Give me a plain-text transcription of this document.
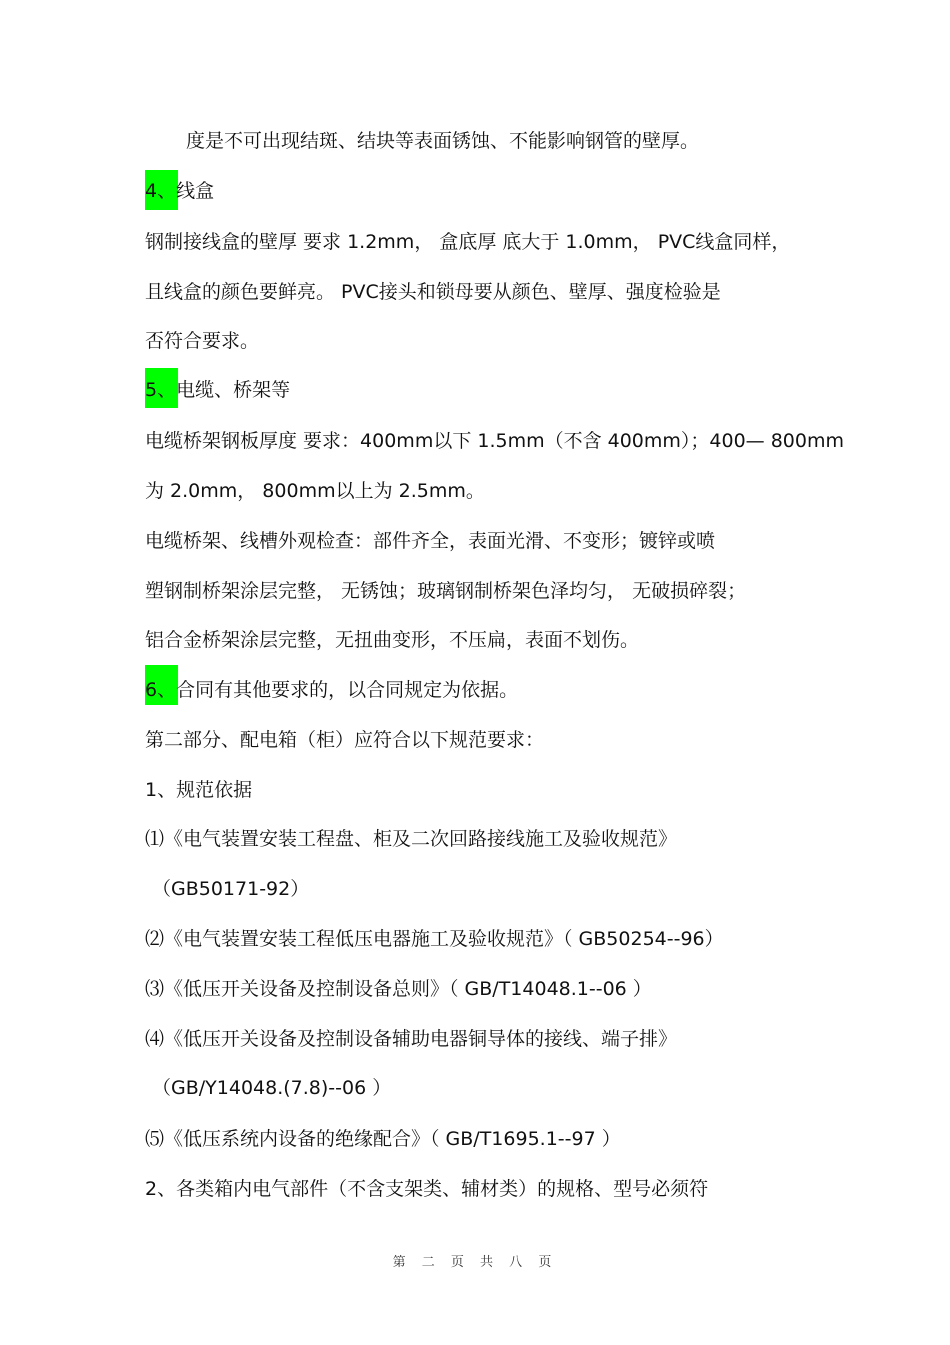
度是不可出现结斑、结块等表面锈蚀、不能影响钢管的壁厚。
4、线盒
钢制接线盒的壁厚 要求 1.2mm， 盒底厚 底大于 1.0mm， PVC线盒同样，
且线盒的颜色要鲜亮。 PVC接头和锁母要从颜色、壁厚、强度检验是
否符合要求。
5、电缆、桥架等
电缆桥架钢板厚度 要求：400mm以下 1.5mm（不含 400mm）；400— 800mm
为 2.0mm， 800mm以上为 2.5mm。
电缆桥架、线槽外观检查：部件齐全，表面光滑、不变形；镀锌或喷
塑钢制桥架涂层完整， 无锈蚀；玻璃钢制桥架色泽均匀， 无破损碎裂；
铝合金桥架涂层完整，无扭曲变形，不压扁，表面不划伤。
6、合同有其他要求的，以合同规定为依据。
第二部分、配电箱（柜）应符合以下规范要求：
1、规范依据
⑴《电气装置安装工程盘、柜及二次回路接线施工及验收规范》
（GB50171-92）
⑵《电气装置安装工程低压电器施工及验收规范》（ GB50254--96）
⑶《低压开关设备及控制设备总则》（ GB/T14048.1--06 ）
⑷《低压开关设备及控制设备辅助电器铜导体的接线、端子排》
（GB/Y14048.(7.8)--06 ）
⑸《低压系统内设备的绝缘配合》（ GB/T1695.1--97 ）
2、各类箱内电气部件（不含支架类、辅材类）的规格、型号必须符
第 二 页 共 八 页
